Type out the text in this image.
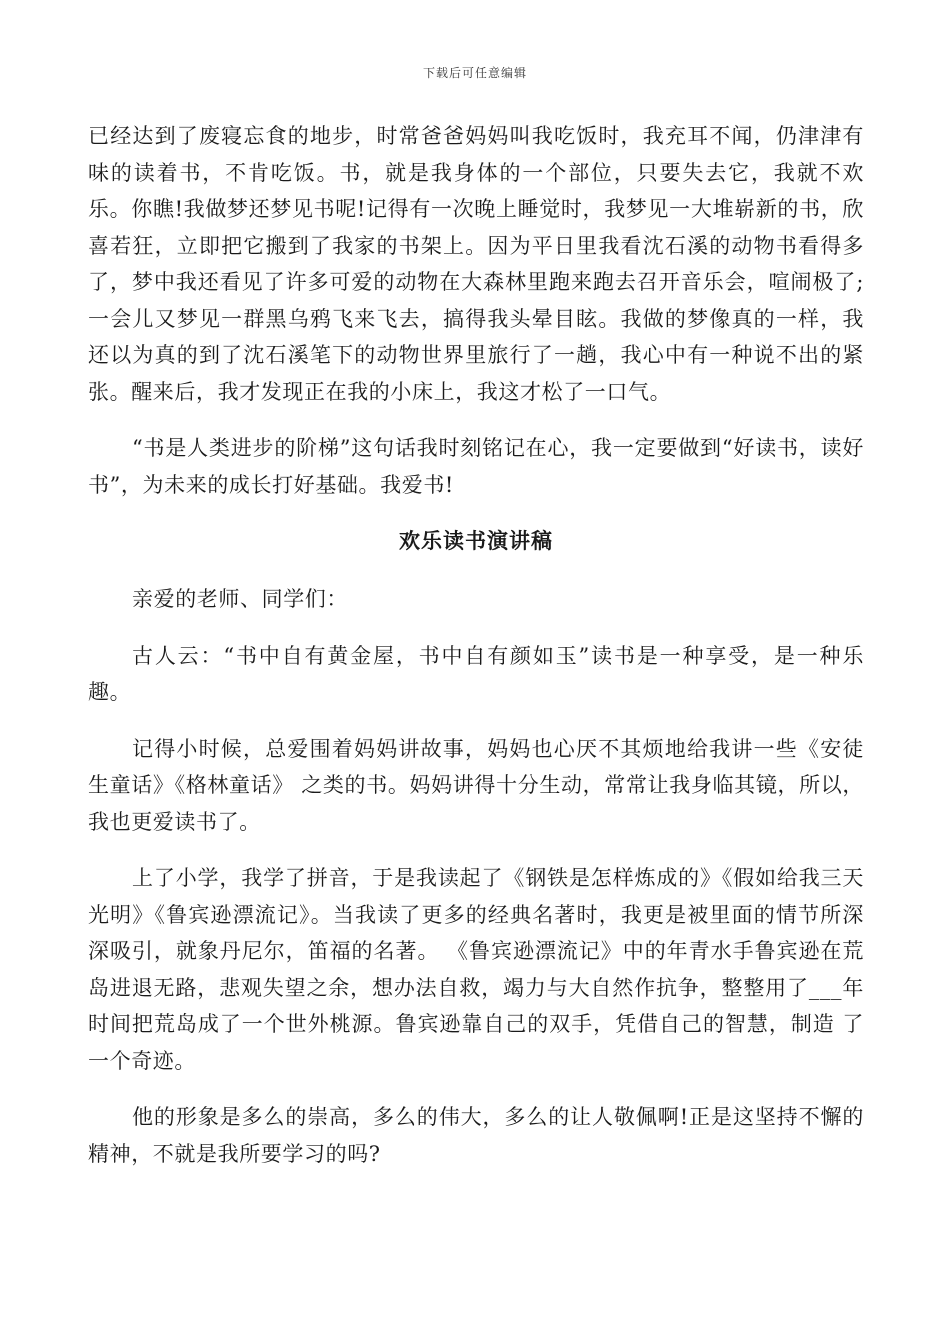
下载后可任意编辑

已经达到了废寝忘食的地步，时常爸爸妈妈叫我吃饭时，我充耳不闻，仍津津有味的读着书，不肯吃饭。书，就是我身体的一个部位，只要失去它，我就不欢乐。你瞧!我做梦还梦见书呢!记得有一次晚上睡觉时，我梦见一大堆崭新的书，欣喜若狂，立即把它搬到了我家的书架上。因为平日里我看沈石溪的动物书看得多了，梦中我还看见了许多可爱的动物在大森林里跑来跑去召开音乐会，喧闹极了;一会儿又梦见一群黑乌鸦飞来飞去，搞得我头晕目眩。我做的梦像真的一样，我还以为真的到了沈石溪笔下的动物世界里旅行了一趟，我心中有一种说不出的紧张。醒来后，我才发现正在我的小床上，我这才松了一口气。

“书是人类进步的阶梯”这句话我时刻铭记在心，我一定要做到“好读书，读好书”，为未来的成长打好基础。我爱书!

欢乐读书演讲稿

亲爱的老师、同学们：

古人云：“书中自有黄金屋，书中自有颜如玉”读书是一种享受，是一种乐趣。

记得小时候，总爱围着妈妈讲故事，妈妈也心厌不其烦地给我讲一些《安徒生童话》《格林童话》 之类的书。妈妈讲得十分生动，常常让我身临其镜，所以，我也更爱读书了。

上了小学，我学了拼音，于是我读起了《钢铁是怎样炼成的》《假如给我三天光明》《鲁宾逊漂流记》。当我读了更多的经典名著时，我更是被里面的情节所深深吸引，就象丹尼尔，笛福的名著。 《鲁宾逊漂流记》中的年青水手鲁宾逊在荒岛进退无路，悲观失望之余，想办法自救，竭力与大自然作抗争，整整用了___年时间把荒岛成了一个世外桃源。鲁宾逊靠自己的双手，凭借自己的智慧，制造 了一个奇迹。

他的形象是多么的崇高，多么的伟大，多么的让人敬佩啊!正是这坚持不懈的精神，不就是我所要学习的吗?
